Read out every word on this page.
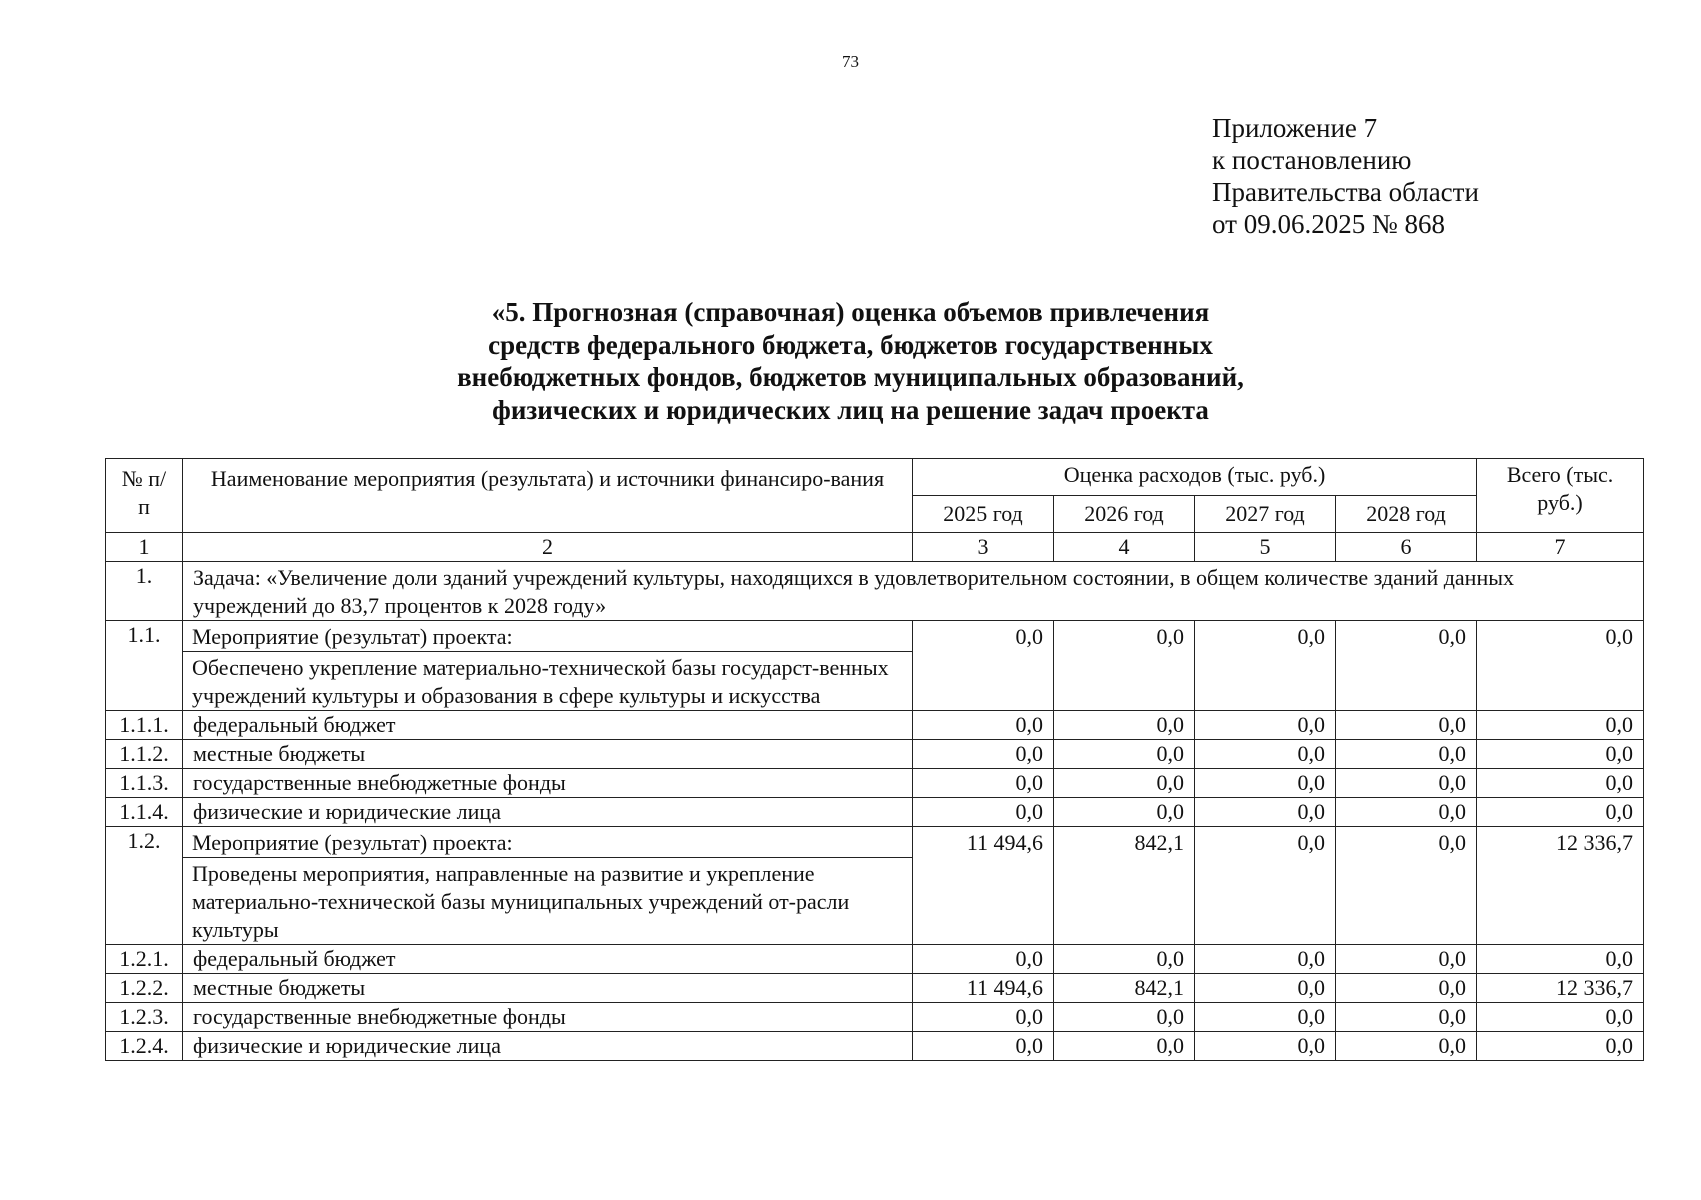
73
Приложение 7
к постановлению
Правительства области
от 09.06.2025 № 868
«5. Прогнозная (справочная) оценка объемов привлечения
средств федерального бюджета, бюджетов государственных
внебюджетных фондов, бюджетов муниципальных образований,
физических и юридических лиц на решение задач проекта
№ п/п	Наименование мероприятия (результата) и источники финансиро-вания	Оценка расходов (тыс. руб.)				Всего (тыс. руб.)
		2025 год	2026 год	2027 год	2028 год	
1	2	3	4	5	6	7
1.	Задача: «Увеличение доли зданий учреждений культуры, находящихся в удовлетворительном состоянии, в общем количестве зданий данных учреждений до 83,7 процентов к 2028 году»					
1.1.	Мероприятие (результат) проекта:
Обеспечено укрепление материально-технической базы государст-венных учреждений культуры и образования в сфере культуры и искусства	0,0	0,0	0,0	0,0	0,0
1.1.1.	федеральный бюджет	0,0	0,0	0,0	0,0	0,0
1.1.2.	местные бюджеты	0,0	0,0	0,0	0,0	0,0
1.1.3.	государственные внебюджетные фонды	0,0	0,0	0,0	0,0	0,0
1.1.4.	физические и юридические лица	0,0	0,0	0,0	0,0	0,0
1.2.	Мероприятие (результат) проекта:
Проведены мероприятия, направленные на развитие и укрепление материально-технической базы муниципальных учреждений от-расли культуры	11 494,6	842,1	0,0	0,0	12 336,7
1.2.1.	федеральный бюджет	0,0	0,0	0,0	0,0	0,0
1.2.2.	местные бюджеты	11 494,6	842,1	0,0	0,0	12 336,7
1.2.3.	государственные внебюджетные фонды	0,0	0,0	0,0	0,0	0,0
1.2.4.	физические и юридические лица	0,0	0,0	0,0	0,0	0,0
